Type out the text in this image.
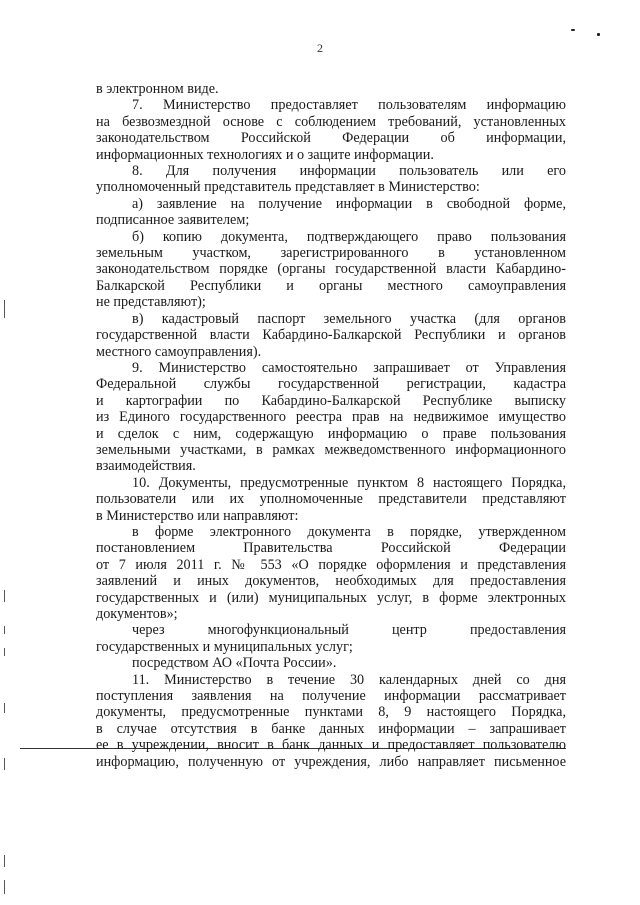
2
в электронном виде.
7. Министерство предоставляет пользователям информацию
на безвозмездной основе с соблюдением требований, установленных
законодательством Российской Федерации об информации,
информационных технологиях и о защите информации.
8. Для получения информации пользователь или его
уполномоченный представитель представляет в Министерство:
а) заявление на получение информации в свободной форме,
подписанное заявителем;
б) копию документа, подтверждающего право пользования
земельным участком, зарегистрированного в установленном
законодательством порядке (органы государственной власти Кабардино-
Балкарской Республики и органы местного самоуправления
не представляют);
в) кадастровый паспорт земельного участка (для органов
государственной власти Кабардино-Балкарской Республики и органов
местного самоуправления).
9. Министерство самостоятельно запрашивает от Управления
Федеральной службы государственной регистрации, кадастра
и картографии по Кабардино-Балкарской Республике выписку
из Единого государственного реестра прав на недвижимое имущество
и сделок с ним, содержащую информацию о праве пользования
земельными участками, в рамках межведомственного информационного
взаимодействия.
10. Документы, предусмотренные пунктом 8 настоящего Порядка,
пользователи или их уполномоченные представители представляют
в Министерство или направляют:
в форме электронного документа в порядке, утвержденном
постановлением Правительства Российской Федерации
от 7 июля 2011 г. № 553 «О порядке оформления и представления
заявлений и иных документов, необходимых для предоставления
государственных и (или) муниципальных услуг, в форме электронных
документов»;
через многофункциональный центр предоставления
государственных и муниципальных услуг;
посредством АО «Почта России».
11. Министерство в течение 30 календарных дней со дня
поступления заявления на получение информации рассматривает
документы, предусмотренные пунктами 8, 9 настоящего Порядка,
в случае отсутствия в банке данных информации – запрашивает
ее в учреждении, вносит в банк данных и предоставляет пользователю
информацию, полученную от учреждения, либо направляет письменное
